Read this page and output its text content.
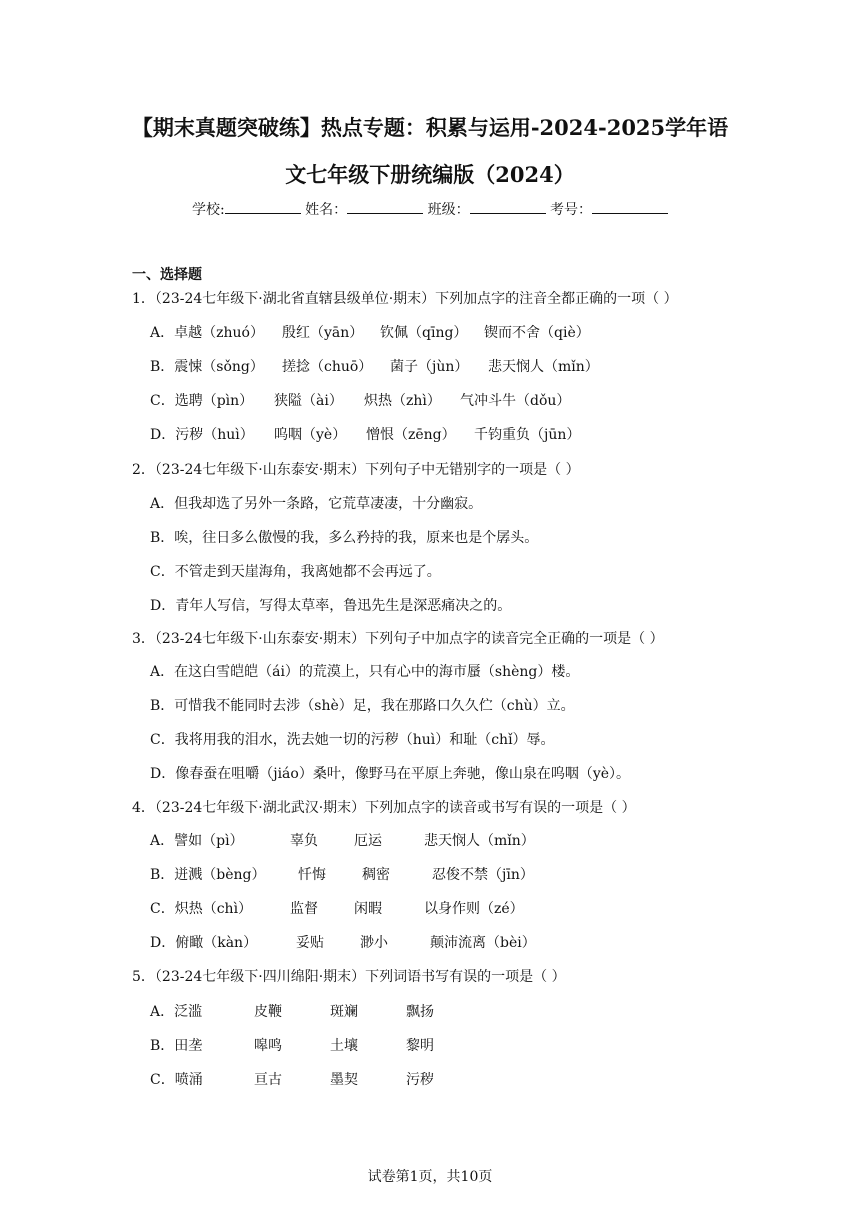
【期末真题突破练】热点专题：积累与运用-2024-2025学年语
文七年级下册统编版（2024）
学校:	姓名：	班级：	考号：
一、选择题
1．（23-24七年级下·湖北省直辖县级单位·期末）下列加点字的注音全都正确的一项（ ）
A．卓越（zhuó） 殷红（yān） 钦佩（qīng） 锲而不舍（qiè）
B．震悚（sǒng） 搓捻（chuō） 菌子（jùn） 悲天悯人（mǐn）
C．选聘（pìn） 狭隘（ài） 炽热（zhì） 气冲斗牛（dǒu）
D．污秽（huì） 呜咽（yè） 憎恨（zēng） 千钧重负（jūn）
2．（23-24七年级下·山东泰安·期末）下列句子中无错别字的一项是（ ）
A．但我却选了另外一条路，它荒草凄凄，十分幽寂。
B．唉，往日多么傲慢的我，多么矜持的我，原来也是个孱头。
C．不管走到天崖海角，我离她都不会再远了。
D．青年人写信，写得太草率，鲁迅先生是深恶痛决之的。
3．（23-24七年级下·山东泰安·期末）下列句子中加点字的读音完全正确的一项是（ ）
A．在这白雪皑皑（ái）的荒漠上，只有心中的海市蜃（shèng）楼。
B．可惜我不能同时去涉（shè）足，我在那路口久久伫（chù）立。
C．我将用我的泪水，洗去她一切的污秽（huì）和耻（chǐ）辱。
D．像春蚕在咀嚼（jiáo）桑叶，像野马在平原上奔驰，像山泉在呜咽（yè）。
4．（23-24七年级下·湖北武汉·期末）下列加点字的读音或书写有误的一项是（ ）
A．譬如（pì）	辜负	厄运	悲天悯人（mǐn）
B．迸溅（bèng） 忏悔	稠密	忍俊不禁（jīn）
C．炽热（chì）	监督	闲暇	以身作则（zé）
D．俯瞰（kàn）	妥贴	渺小	颠沛流离（bèi）
5．（23-24七年级下·四川绵阳·期末）下列词语书写有误的一项是（ ）
A．泛滥	皮鞭	斑斓	飘扬
B．田垄	嗥鸣	土壤	黎明
C．喷涌	亘古	墨契	污秽
试卷第1页，共10页
